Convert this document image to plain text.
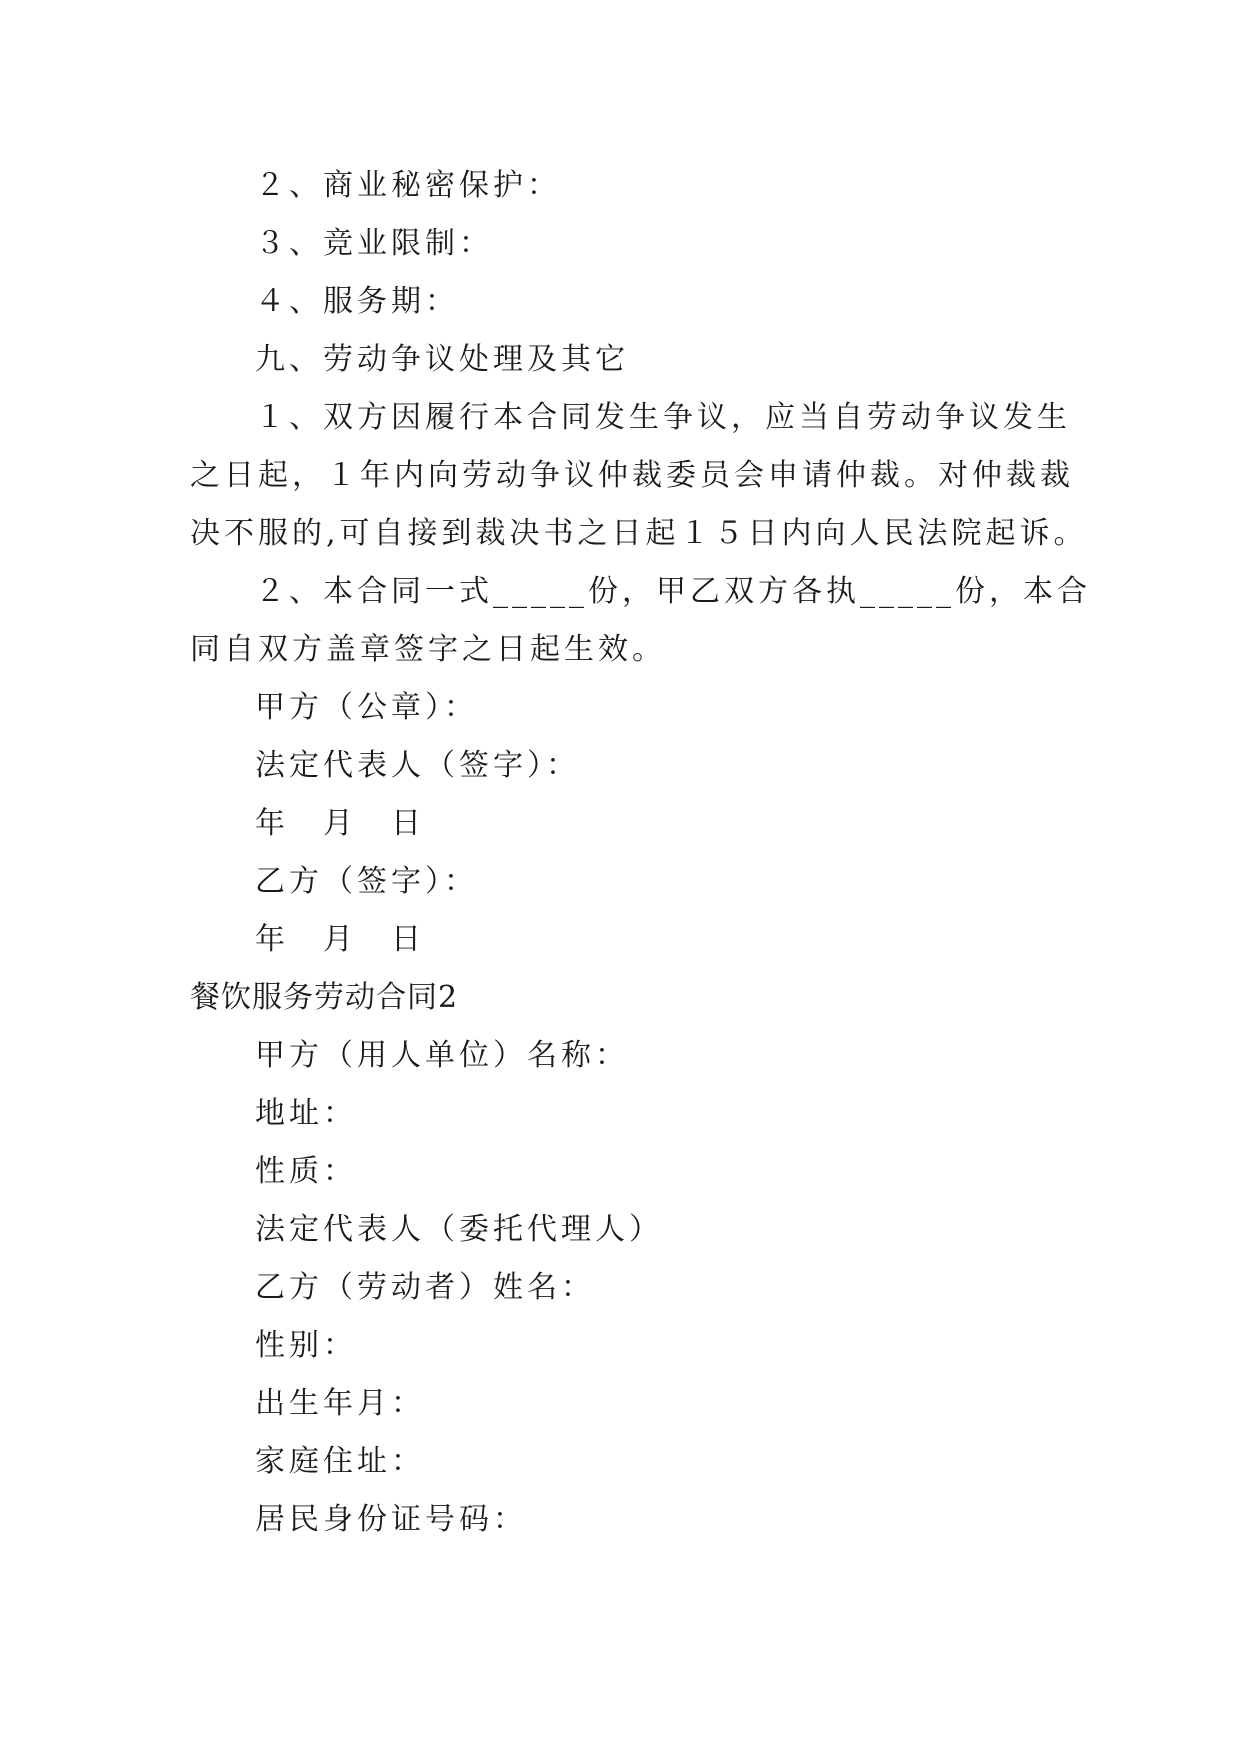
２、商业秘密保护：
３、竞业限制：
４、服务期：
九、劳动争议处理及其它
１、双方因履行本合同发生争议，应当自劳动争议发生
之日起，１年内向劳动争议仲裁委员会申请仲裁。对仲裁裁
决不服的,可自接到裁决书之日起１５日内向人民法院起诉。
２、本合同一式_____份，甲乙双方各执_____份，本合
同自双方盖章签字之日起生效。
甲方（公章）：
法定代表人（签字）：
年　月　日
乙方（签字）：
年　月　日
餐饮服务劳动合同2
甲方（用人单位）名称：
地址：
性质：
法定代表人（委托代理人）
乙方（劳动者）姓名：
性别：
出生年月：
家庭住址：
居民身份证号码：
